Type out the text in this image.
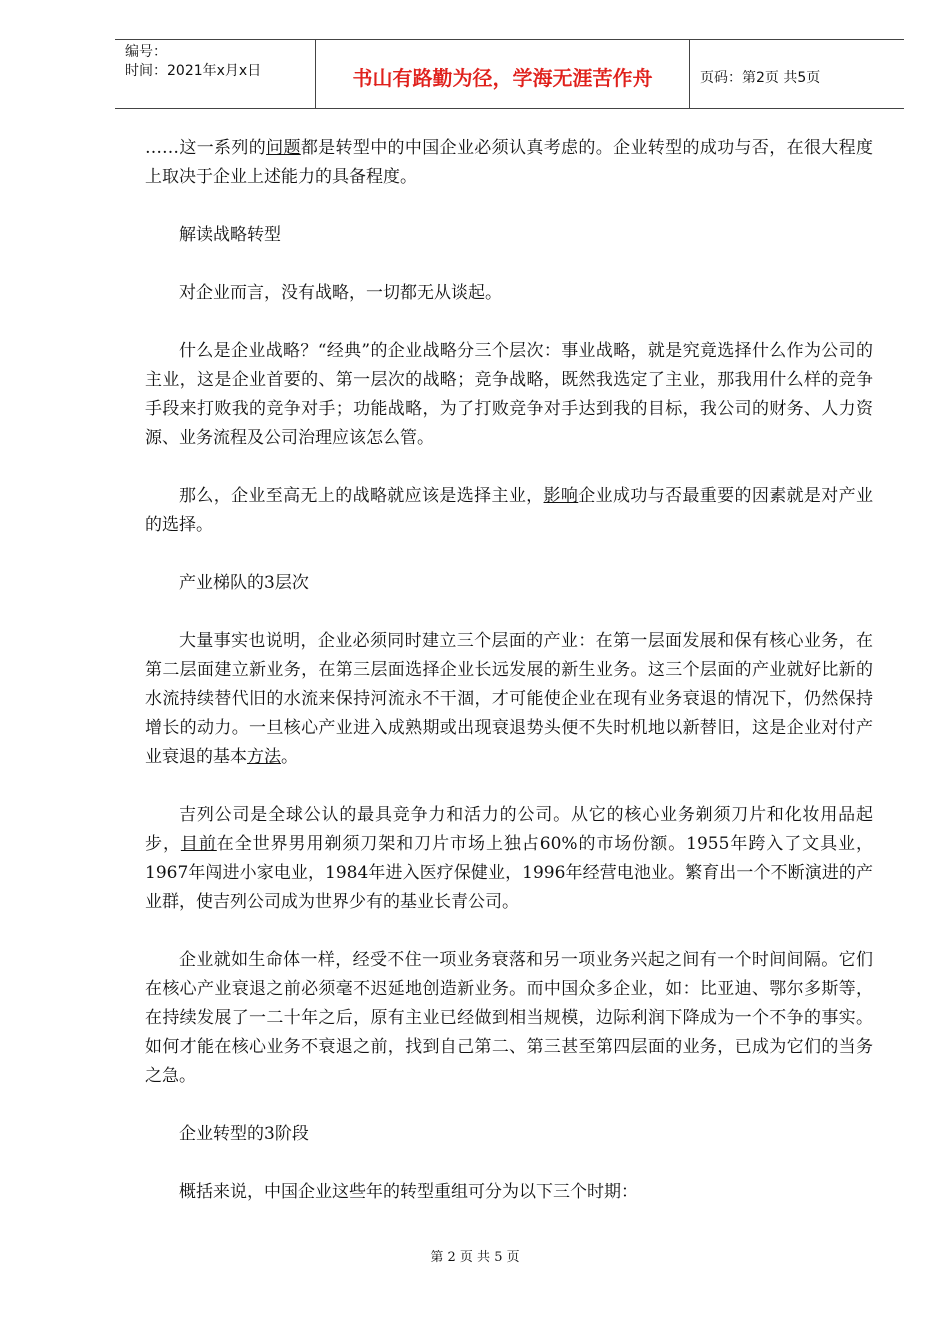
编号：
时间：2021年x月x日	书山有路勤为径，学海无涯苦作舟	页码：第2页 共5页

……这一系列的问题都是转型中的中国企业必须认真考虑的。企业转型的成功与否，在很大程度上取决于企业上述能力的具备程度。

解读战略转型

对企业而言，没有战略，一切都无从谈起。

什么是企业战略？“经典”的企业战略分三个层次：事业战略，就是究竟选择什么作为公司的主业，这是企业首要的、第一层次的战略；竞争战略，既然我选定了主业，那我用什么样的竞争手段来打败我的竞争对手；功能战略，为了打败竞争对手达到我的目标，我公司的财务、人力资源、业务流程及公司治理应该怎么管。

那么，企业至高无上的战略就应该是选择主业，影响企业成功与否最重要的因素就是对产业的选择。

产业梯队的3层次

大量事实也说明，企业必须同时建立三个层面的产业：在第一层面发展和保有核心业务，在第二层面建立新业务，在第三层面选择企业长远发展的新生业务。这三个层面的产业就好比新的水流持续替代旧的水流来保持河流永不干涸，才可能使企业在现有业务衰退的情况下，仍然保持增长的动力。一旦核心产业进入成熟期或出现衰退势头便不失时机地以新替旧，这是企业对付产业衰退的基本方法。

吉列公司是全球公认的最具竞争力和活力的公司。从它的核心业务剃须刀片和化妆用品起步，目前在全世界男用剃须刀架和刀片市场上独占60%的市场份额。1955年跨入了文具业，1967年闯进小家电业，1984年进入医疗保健业，1996年经营电池业。繁育出一个不断演进的产业群，使吉列公司成为世界少有的基业长青公司。

企业就如生命体一样，经受不住一项业务衰落和另一项业务兴起之间有一个时间间隔。它们在核心产业衰退之前必须毫不迟延地创造新业务。而中国众多企业，如：比亚迪、鄂尔多斯等，在持续发展了一二十年之后，原有主业已经做到相当规模，边际利润下降成为一个不争的事实。如何才能在核心业务不衰退之前，找到自己第二、第三甚至第四层面的业务，已成为它们的当务之急。

企业转型的3阶段

概括来说，中国企业这些年的转型重组可分为以下三个时期：

第 2 页 共 5 页
